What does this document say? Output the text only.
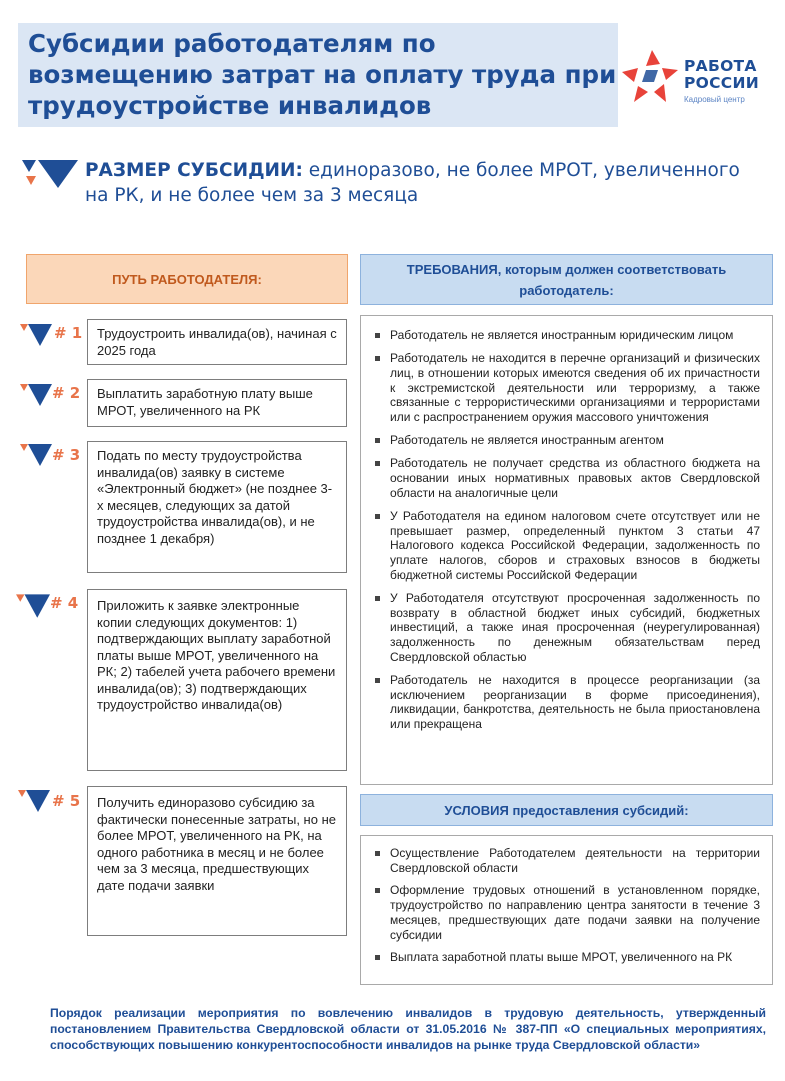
Субсидии работодателям по возмещению затрат на оплату труда при трудоустройстве инвалидов
РАБОТА
РОССИИ
Кадровый центр
РАЗМЕР СУБСИДИИ: единоразово, не более МРОТ, увеличенного на РК, и не более чем за 3 месяца
ПУТЬ РАБОТОДАТЕЛЯ:
ТРЕБОВАНИЯ, которым должен соответствовать работодатель:
# 1	Трудоустроить инвалида(ов), начиная с 2025 года
# 2	Выплатить заработную плату выше МРОТ, увеличенного на РК
# 3	Подать по месту трудоустройства инвалида(ов) заявку в системе «Электронный бюджет» (не позднее 3-х месяцев, следующих за датой трудоустройства инвалида(ов), и не позднее 1 декабря)
# 4	Приложить к заявке электронные копии следующих документов: 1) подтверждающих выплату заработной платы выше МРОТ, увеличенного на РК; 2) табелей учета рабочего времени инвалида(ов); 3) подтверждающих трудоустройство инвалида(ов)
# 5	Получить единоразово субсидию за фактически понесенные затраты, но не более МРОТ, увеличенного на РК, на одного работника в месяц и не более чем за 3 месяца, предшествующих дате подачи заявки
Работодатель не является иностранным юридическим лицом
Работодатель не находится в перечне организаций и физических лиц, в отношении которых имеются сведения об их причастности к экстремистской деятельности или терроризму, а также связанные с террористическими организациями и террористами или с распространением оружия массового уничтожения
Работодатель не является иностранным агентом
Работодатель не получает средства из областного бюджета на основании иных нормативных правовых актов Свердловской области на аналогичные цели
У Работодателя на едином налоговом счете отсутствует или не превышает размер, определенный пунктом 3 статьи 47 Налогового кодекса Российской Федерации, задолженность по уплате налогов, сборов и страховых взносов в бюджеты бюджетной системы Российской Федерации
У Работодателя отсутствуют просроченная задолженность по возврату в областной бюджет иных субсидий, бюджетных инвестиций, а также иная просроченная (неурегулированная) задолженность по денежным обязательствам перед Свердловской областью
Работодатель не находится в процессе реорганизации (за исключением реорганизации в форме присоединения), ликвидации, банкротства, деятельность не была приостановлена или прекращена
УСЛОВИЯ предоставления субсидий:
Осуществление Работодателем деятельности на территории Свердловской области
Оформление трудовых отношений в установленном порядке, трудоустройство по направлению центра занятости в течение 3 месяцев, предшествующих дате подачи заявки на получение субсидии
Выплата заработной платы выше МРОТ, увеличенного на РК
Порядок реализации мероприятия по вовлечению инвалидов в трудовую деятельность, утвержденный постановлением Правительства Свердловской области от 31.05.2016 № 387-ПП «О специальных мероприятиях, способствующих повышению конкурентоспособности инвалидов на рынке труда Свердловской области»
